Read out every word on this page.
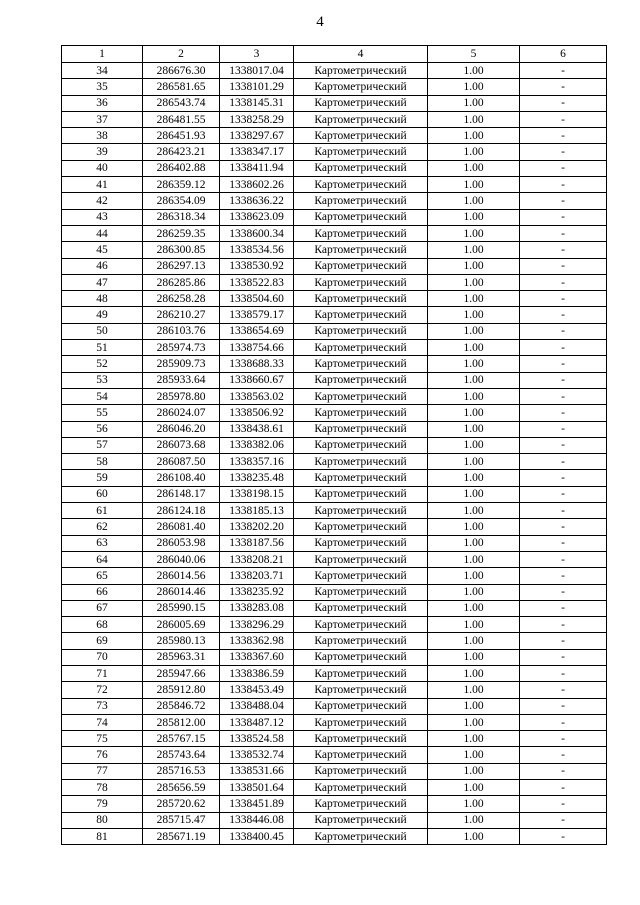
4
1	2	3	4	5	6
34	286676.30	1338017.04	Картометрический	1.00	-
35	286581.65	1338101.29	Картометрический	1.00	-
36	286543.74	1338145.31	Картометрический	1.00	-
37	286481.55	1338258.29	Картометрический	1.00	-
38	286451.93	1338297.67	Картометрический	1.00	-
39	286423.21	1338347.17	Картометрический	1.00	-
40	286402.88	1338411.94	Картометрический	1.00	-
41	286359.12	1338602.26	Картометрический	1.00	-
42	286354.09	1338636.22	Картометрический	1.00	-
43	286318.34	1338623.09	Картометрический	1.00	-
44	286259.35	1338600.34	Картометрический	1.00	-
45	286300.85	1338534.56	Картометрический	1.00	-
46	286297.13	1338530.92	Картометрический	1.00	-
47	286285.86	1338522.83	Картометрический	1.00	-
48	286258.28	1338504.60	Картометрический	1.00	-
49	286210.27	1338579.17	Картометрический	1.00	-
50	286103.76	1338654.69	Картометрический	1.00	-
51	285974.73	1338754.66	Картометрический	1.00	-
52	285909.73	1338688.33	Картометрический	1.00	-
53	285933.64	1338660.67	Картометрический	1.00	-
54	285978.80	1338563.02	Картометрический	1.00	-
55	286024.07	1338506.92	Картометрический	1.00	-
56	286046.20	1338438.61	Картометрический	1.00	-
57	286073.68	1338382.06	Картометрический	1.00	-
58	286087.50	1338357.16	Картометрический	1.00	-
59	286108.40	1338235.48	Картометрический	1.00	-
60	286148.17	1338198.15	Картометрический	1.00	-
61	286124.18	1338185.13	Картометрический	1.00	-
62	286081.40	1338202.20	Картометрический	1.00	-
63	286053.98	1338187.56	Картометрический	1.00	-
64	286040.06	1338208.21	Картометрический	1.00	-
65	286014.56	1338203.71	Картометрический	1.00	-
66	286014.46	1338235.92	Картометрический	1.00	-
67	285990.15	1338283.08	Картометрический	1.00	-
68	286005.69	1338296.29	Картометрический	1.00	-
69	285980.13	1338362.98	Картометрический	1.00	-
70	285963.31	1338367.60	Картометрический	1.00	-
71	285947.66	1338386.59	Картометрический	1.00	-
72	285912.80	1338453.49	Картометрический	1.00	-
73	285846.72	1338488.04	Картометрический	1.00	-
74	285812.00	1338487.12	Картометрический	1.00	-
75	285767.15	1338524.58	Картометрический	1.00	-
76	285743.64	1338532.74	Картометрический	1.00	-
77	285716.53	1338531.66	Картометрический	1.00	-
78	285656.59	1338501.64	Картометрический	1.00	-
79	285720.62	1338451.89	Картометрический	1.00	-
80	285715.47	1338446.08	Картометрический	1.00	-
81	285671.19	1338400.45	Картометрический	1.00	-
